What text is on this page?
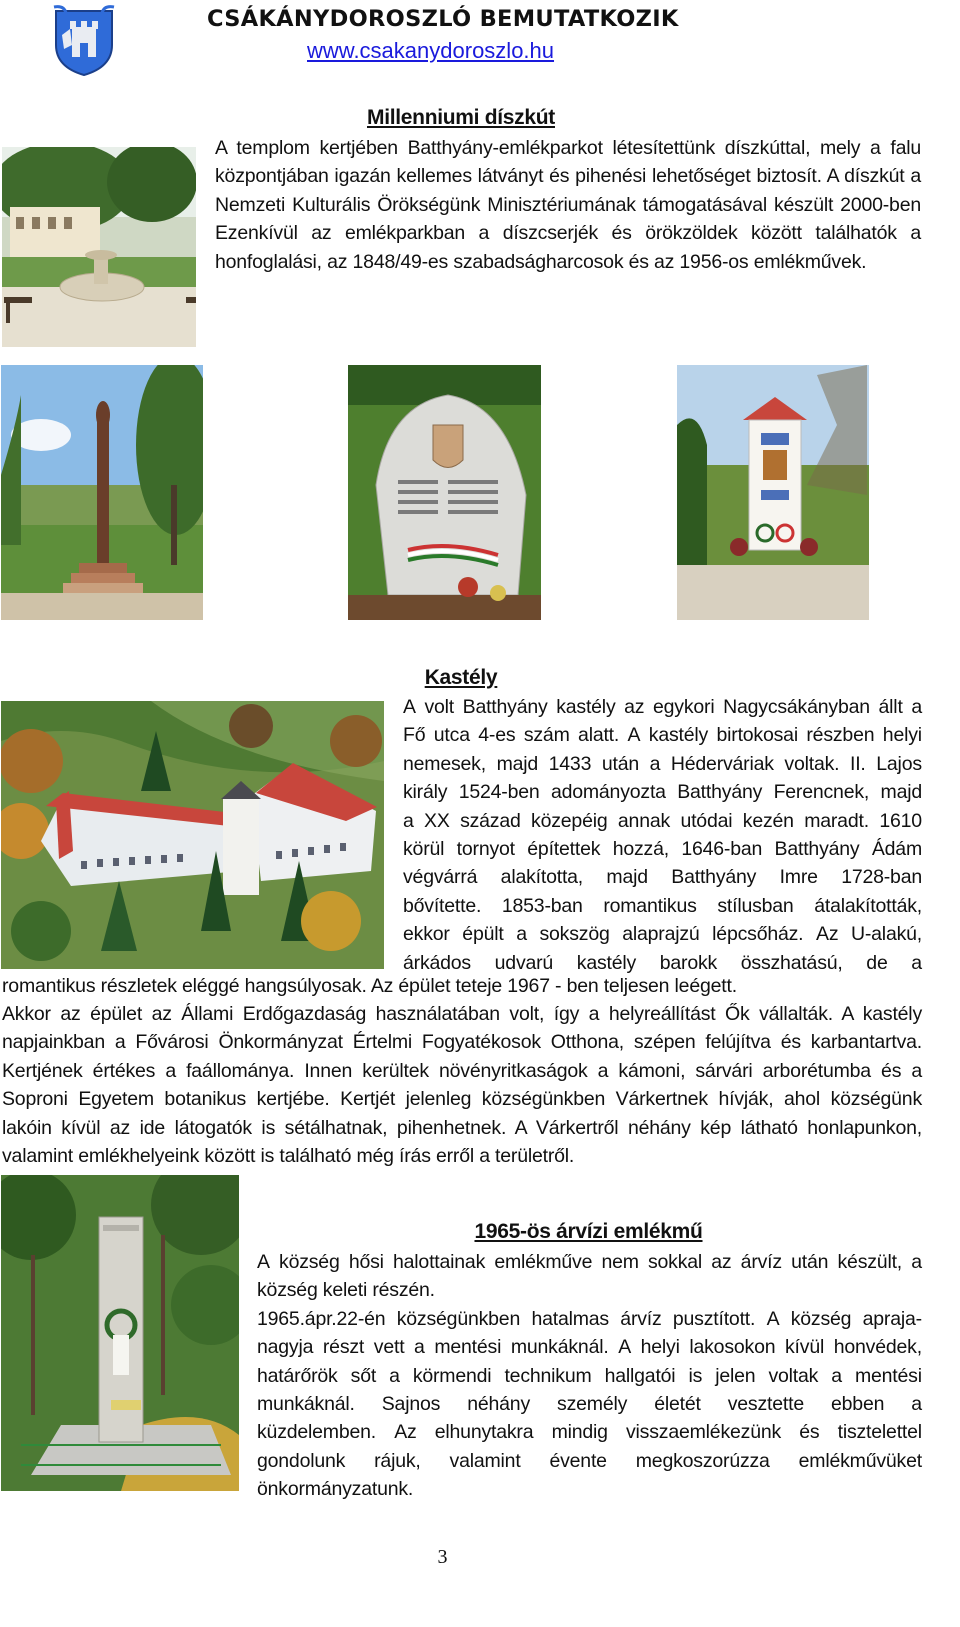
CSÁKÁNYDOROSZLÓ BEMUTATKOZIK
www.csakanydoroszlo.hu
Millenniumi díszkút
A templom kertjében Batthyány-emlékparkot létesítettünk díszkúttal, mely a falu központjában igazán kellemes látványt és pihenési lehetőséget biztosít. A díszkút a Nemzeti Kulturális Örökségünk Minisztériumának támogatásával készült 2000-ben Ezenkívül az emlékparkban a díszcserjék és örökzöldek között találhatók a honfoglalási, az 1848/49-es szabadságharcosok és az 1956-os emlékművek.
Kastély
A volt Batthyány kastély az egykori Nagycsákányban állt a
Fő utca 4-es szám alatt. A kastély birtokosai részben helyi
nemesek, majd 1433 után a Héderváriak voltak. II. Lajos
király 1524-ben adományozta Batthyány Ferencnek, majd
a XX század közepéig annak utódai kezén maradt. 1610
körül tornyot építettek hozzá, 1646-ban Batthyány Ádám
végvárrá alakította, majd Batthyány Imre 1728-ban
bővítette. 1853-ban romantikus stílusban átalakították,
ekkor épült a sokszög alaprajzú lépcsőház. Az U-alakú,
árkádos udvarú kastély barokk összhatású, de a
romantikus részletek eléggé hangsúlyosak. Az épület teteje 1967 - ben teljesen leégett.
Akkor az épület az Állami Erdőgazdaság használatában volt, így a helyreállítást Ők vállalták. A kastély napjainkban a Fővárosi Önkormányzat Értelmi Fogyatékosok Otthona, szépen felújítva és karbantartva. Kertjének értékes a faállománya. Innen kerültek növényritkaságok a kámoni, sárvári arborétumba és a Soproni Egyetem botanikus kertjébe. Kertjét jelenleg községünkben Várkertnek hívják, ahol községünk lakóin kívül az ide látogatók is sétálhatnak, pihenhetnek. A Várkertről néhány kép látható honlapunkon, valamint emlékhelyeink között is található még írás erről a területről.
1965-ös árvízi emlékmű
A község hősi halottainak emlékműve nem sokkal az árvíz után készült, a
község keleti részén.
1965.ápr.22-én községünkben hatalmas árvíz pusztított. A község apraja-
nagyja részt vett a mentési munkáknál. A helyi lakosokon kívül honvédek,
határőrök sőt a körmendi technikum hallgatói is jelen voltak a mentési
munkáknál. Sajnos néhány személy életét vesztette ebben a
küzdelemben. Az elhunytakra mindig visszaemlékezünk és tisztelettel
gondolunk rájuk, valamint évente megkoszorúzza emlékművüket
önkormányzatunk.
3
